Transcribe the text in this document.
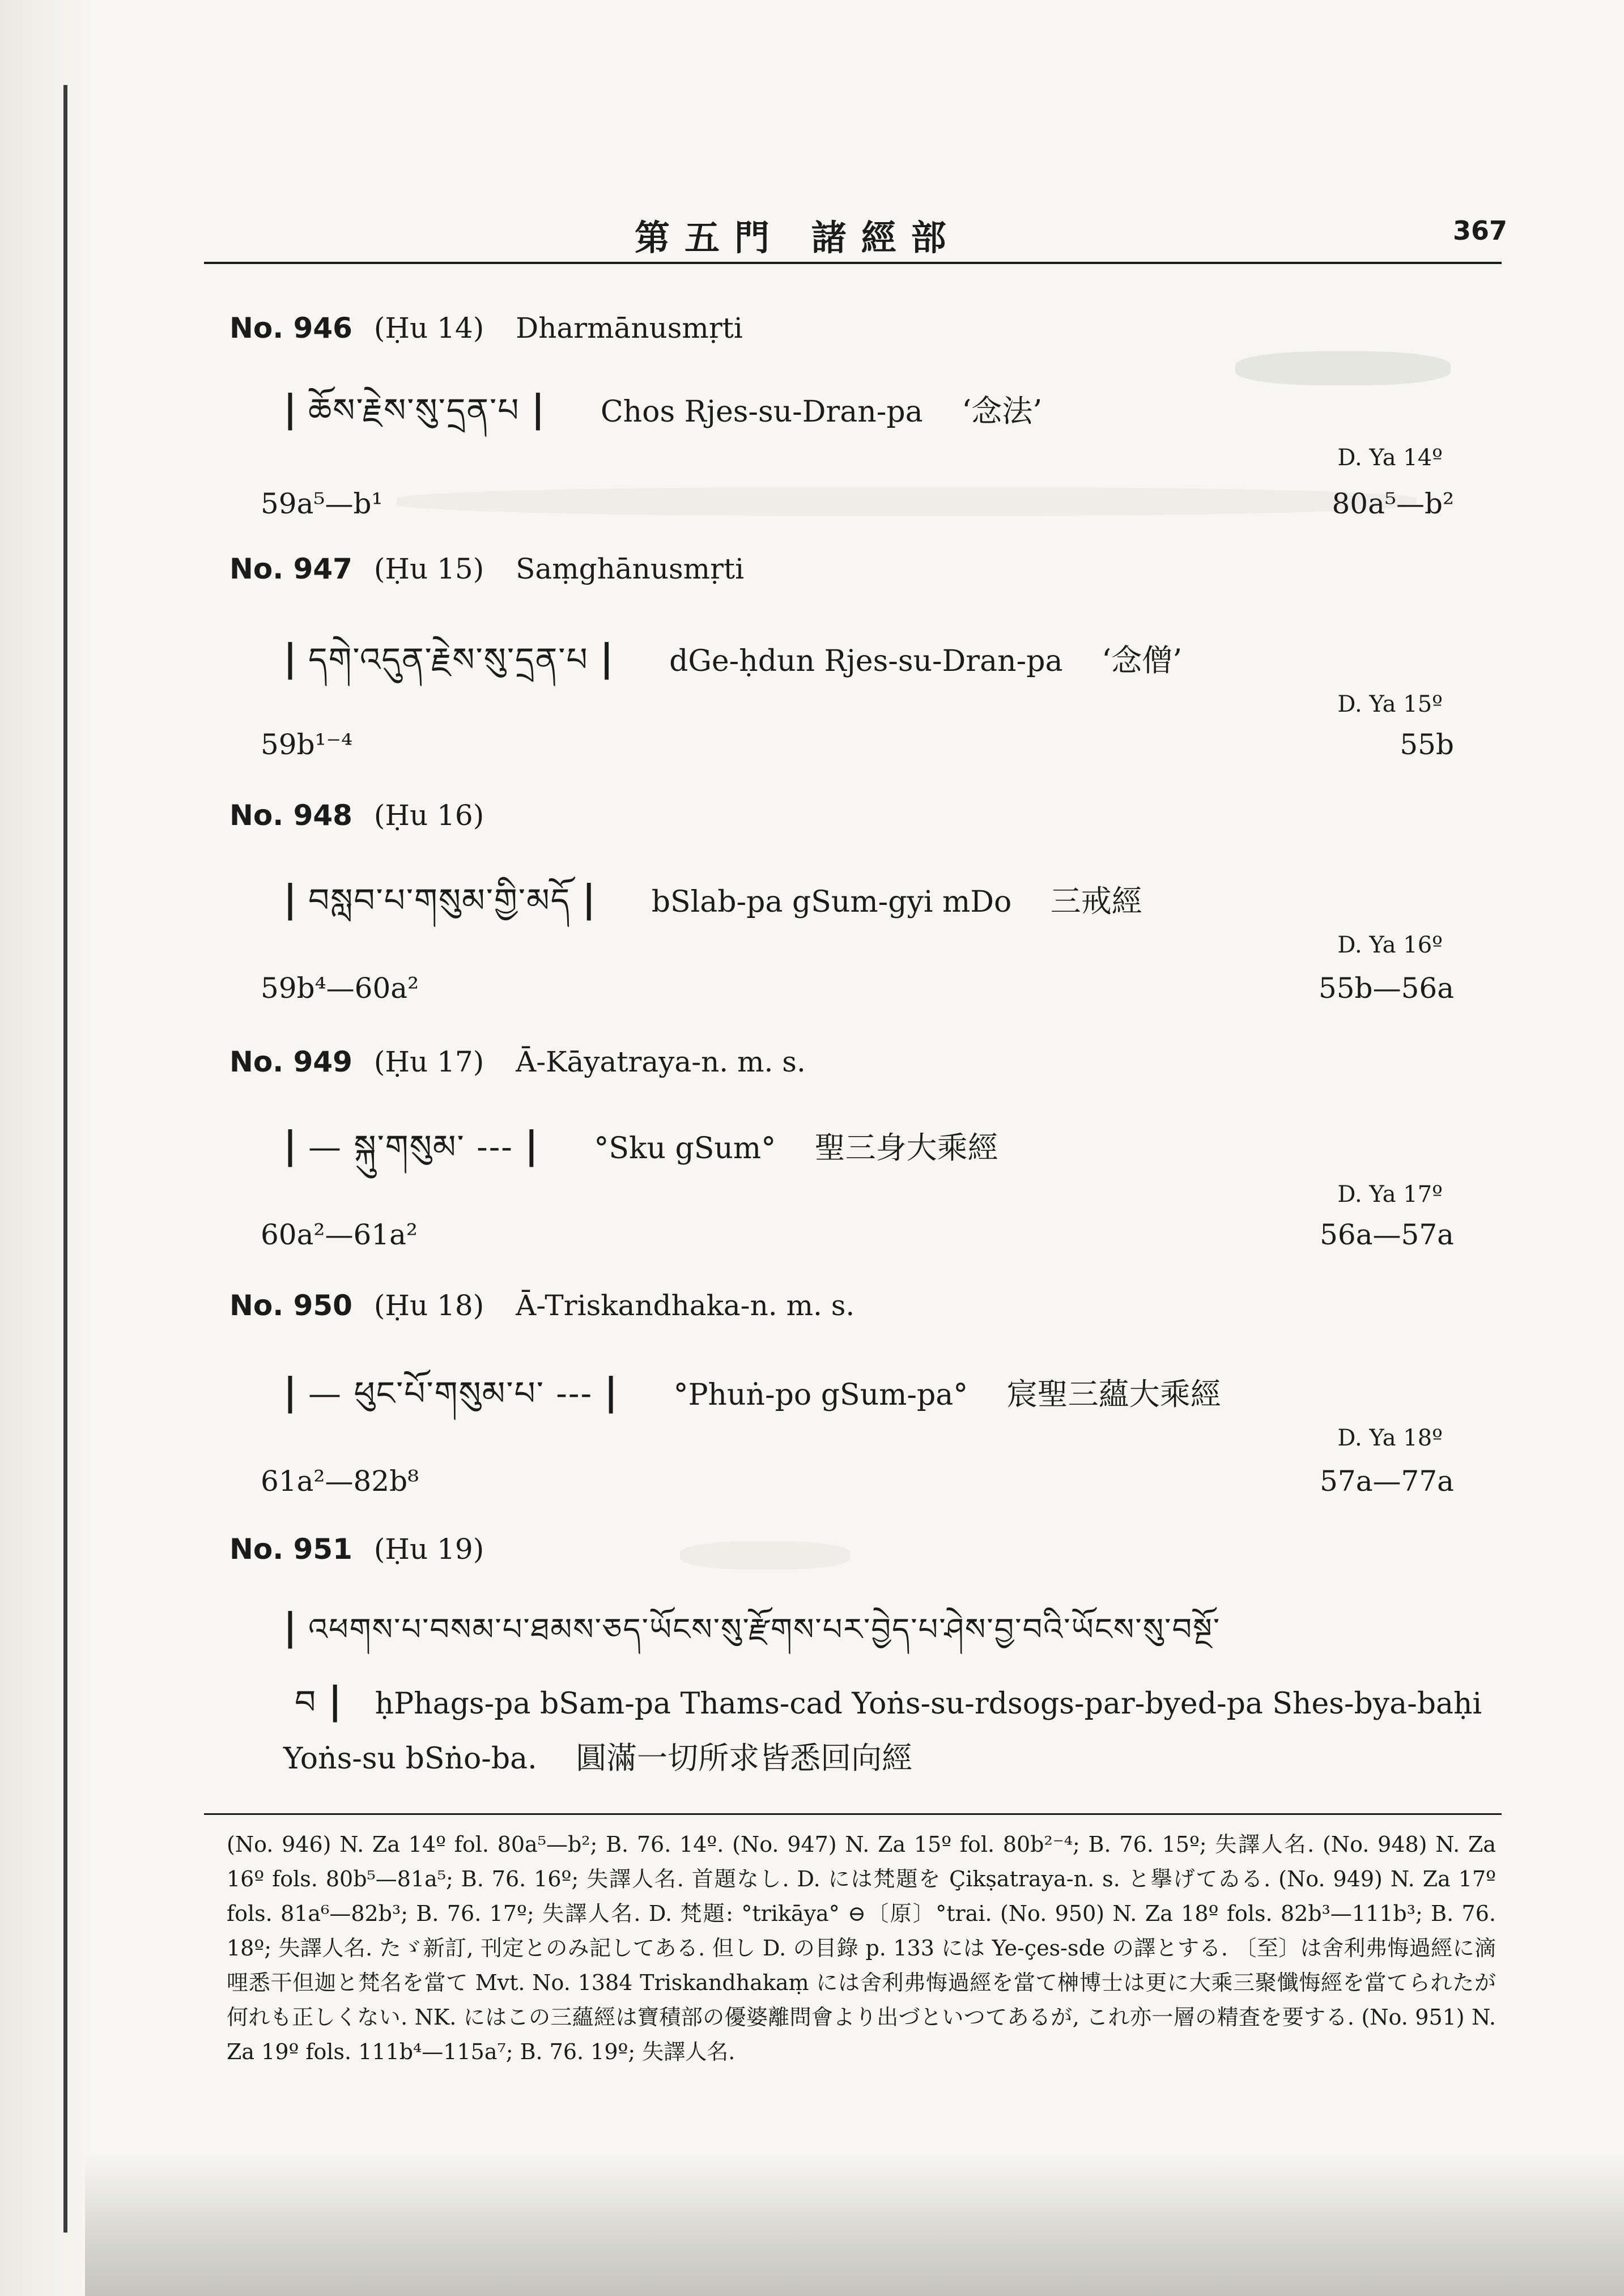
第五門 諸經部	367
No. 946 (Ḥu 14) Dharmānusmṛti
| ཆོས་རྗེས་སུ་དྲན་པ | Chos Rjes-su-Dran-pa ‘念法’
D. Ya 14º
59a⁵—b¹	80a⁵—b²
No. 947 (Ḥu 15) Saṃghānusmṛti
| དགེ་འདུན་རྗེས་སུ་དྲན་པ | dGe-ḥdun Rjes-su-Dran-pa ‘念僧’
D. Ya 15º
59b¹⁻⁴	55b
No. 948 (Ḥu 16)
| བསླབ་པ་གསུམ་གྱི་མདོ | bSlab-pa gSum-gyi mDo 三戒經
D. Ya 16º
59b⁴—60a²	55b—56a
No. 949 (Ḥu 17) Ā-Kāyatraya-n. m. s.
| — སྐུ་གསུམ་ --- | °Sku gSum° 聖三身大乘經
D. Ya 17º
60a²—61a²	56a—57a
No. 950 (Ḥu 18) Ā-Triskandhaka-n. m. s.
| — ཕུང་པོ་གསུམ་པ་ --- | °Phuṅ-po gSum-pa° 宸聖三蘊大乘經
D. Ya 18º
61a²—82b⁸	57a—77a
No. 951 (Ḥu 19)
| འཕགས་པ་བསམ་པ་ཐམས་ཅད་ཡོངས་སུ་རྫོགས་པར་བྱེད་པ་ཤེས་བྱ་བའི་ཡོངས་སུ་བསྔོ་
བ | ḥPhags-pa bSam-pa Thams-cad Yoṅs-su-rdsogs-par-byed-pa Shes-bya-baḥi
Yoṅs-su bSṅo-ba. 圓滿一切所求皆悉回向經
(No. 946) N. Za 14º fol. 80a⁵—b²; B. 76. 14º. (No. 947) N. Za 15º fol. 80b²⁻⁴; B. 76. 15º; 失譯人名. (No. 948) N. Za 16º fols. 80b⁵—81a⁵; B. 76. 16º; 失譯人名. 首題なし. D. には梵題を Çikṣatraya-n. s. と擧げてゐる. (No. 949) N. Za 17º fols. 81a⁶—82b³; B. 76. 17º; 失譯人名. D. 梵題: °trikāya° ⊖〔原〕°trai. (No. 950) N. Za 18º fols. 82b³—111b³; B. 76. 18º; 失譯人名. たゞ新訂, 刊定とのみ記してある. 但し D. の目錄 p. 133 には Ye-çes-sde の譯とする. 〔至〕は舍利弗悔過經に滴哩悉干但迦と梵名を當て Mvt. No. 1384 Triskandhakaṃ には舍利弗悔過經を當て榊博士は更に大乘三聚懺悔經を當てられたが何れも正しくない. NK. にはこの三蘊經は寶積部の優婆離問會より出づといつてあるが, これ亦一層の精査を要する. (No. 951) N. Za 19º fols. 111b⁴—115a⁷; B. 76. 19º; 失譯人名.
